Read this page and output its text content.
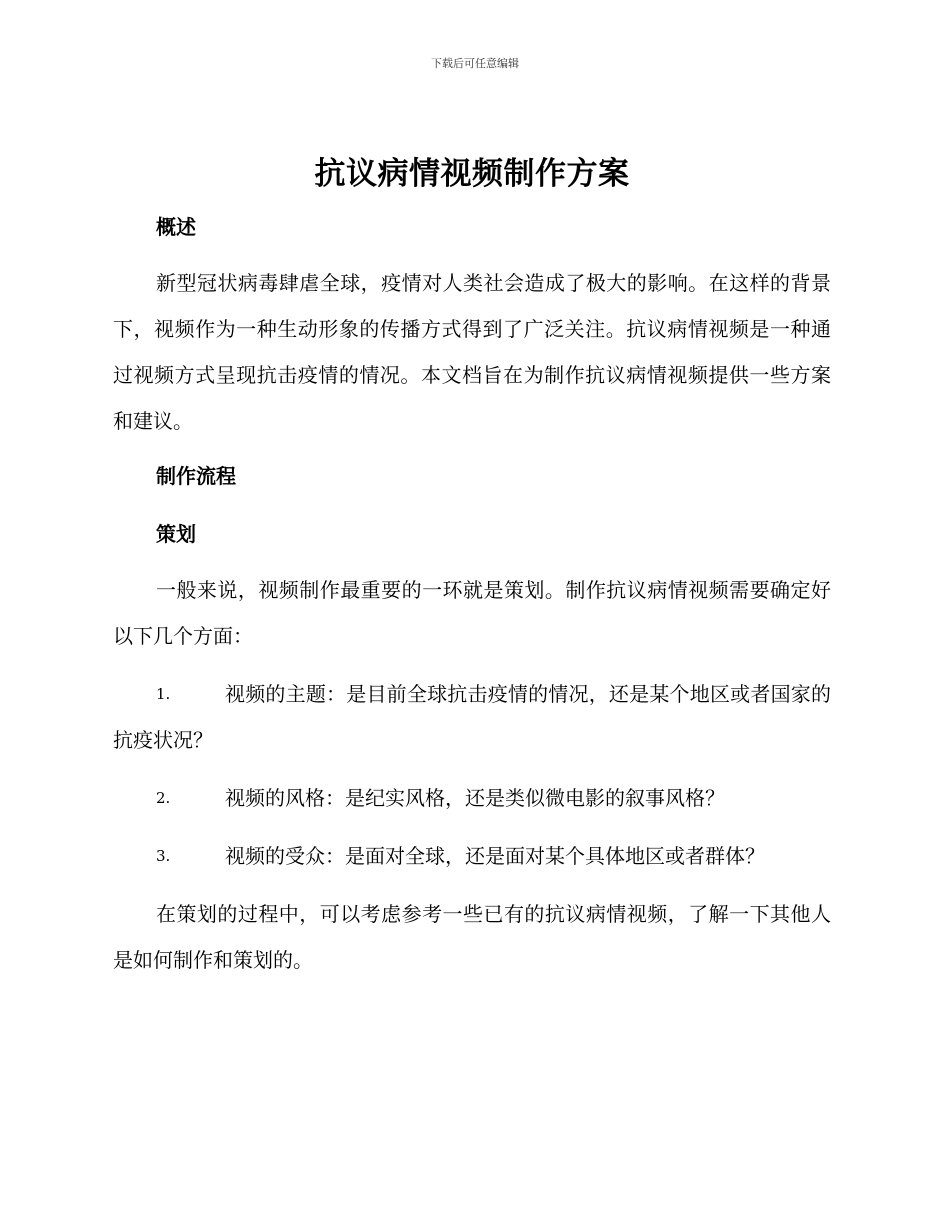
下载后可任意编辑
抗议病情视频制作方案
概述

新型冠状病毒肆虐全球，疫情对人类社会造成了极大的影响。在这样的背景下，视频作为一种生动形象的传播方式得到了广泛关注。抗议病情视频是一种通过视频方式呈现抗击疫情的情况。本文档旨在为制作抗议病情视频提供一些方案和建议。

制作流程
策划

一般来说，视频制作最重要的一环就是策划。制作抗议病情视频需要确定好以下几个方面：

1.	视频的主题：是目前全球抗击疫情的情况，还是某个地区或者国家的抗疫状况？
2.	视频的风格：是纪实风格，还是类似微电影的叙事风格？
3.	视频的受众：是面对全球，还是面对某个具体地区或者群体？

在策划的过程中，可以考虑参考一些已有的抗议病情视频，了解一下其他人是如何制作和策划的。
